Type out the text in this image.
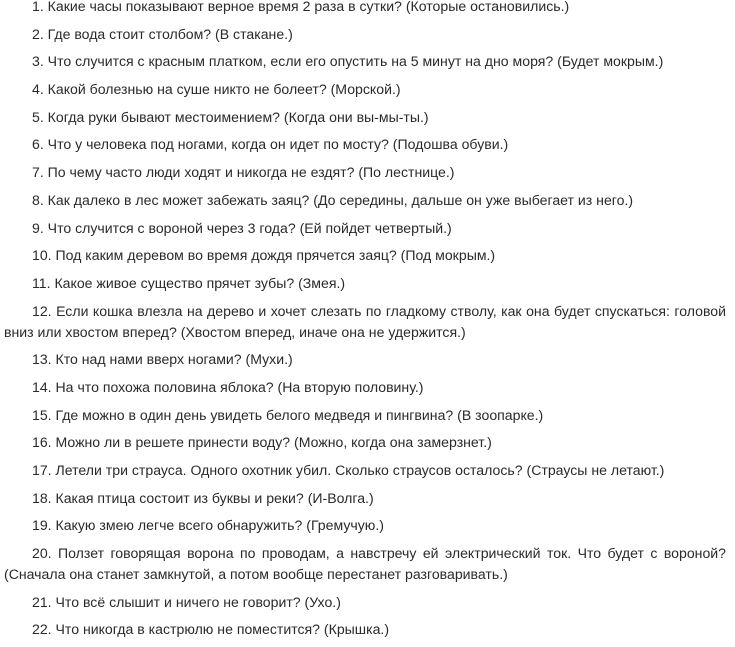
1. Какие часы показывают верное время 2 раза в сутки? (Которые остановились.)

2. Где вода стоит столбом? (В стакане.)

3. Что случится с красным платком, если его опустить на 5 минут на дно моря? (Будет мокрым.)

4. Какой болезнью на суше никто не болеет? (Морской.)

5. Когда руки бывают местоимением? (Когда они вы-мы-ты.)

6. Что у человека под ногами, когда он идет по мосту? (Подошва обуви.)

7. По чему часто люди ходят и никогда не ездят? (По лестнице.)

8. Как далеко в лес может забежать заяц? (До середины, дальше он уже выбегает из него.)

9. Что случится с вороной через 3 года? (Ей пойдет четвертый.)

10. Под каким деревом во время дождя прячется заяц? (Под мокрым.)

11. Какое живое существо прячет зубы? (Змея.)

12. Если кошка влезла на дерево и хочет слезать по гладкому стволу, как она будет спускаться: головой вниз или хвостом вперед? (Хвостом вперед, иначе она не удержится.)

13. Кто над нами вверх ногами? (Мухи.)

14. На что похожа половина яблока? (На вторую половину.)

15. Где можно в один день увидеть белого медведя и пингвина? (В зоопарке.)

16. Можно ли в решете принести воду? (Можно, когда она замерзнет.)

17. Летели три страуса. Одного охотник убил. Сколько страусов осталось? (Страусы не летают.)

18. Какая птица состоит из буквы и реки? (И-Волга.)

19. Какую змею легче всего обнаружить? (Гремучую.)

20. Ползет говорящая ворона по проводам, а навстречу ей электрический ток. Что будет с вороной? (Сначала она станет замкнутой, а потом вообще перестанет разговаривать.)

21. Что всё слышит и ничего не говорит? (Ухо.)

22. Что никогда в кастрюлю не поместится? (Крышка.)
